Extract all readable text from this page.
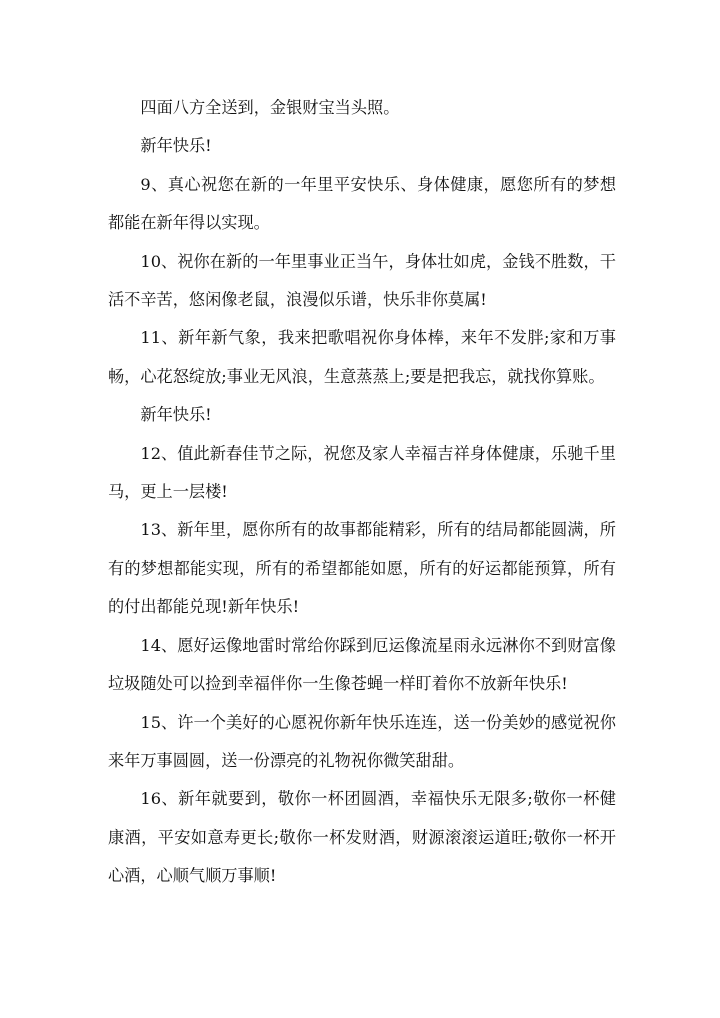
四面八方全送到，金银财宝当头照。

新年快乐!

9、真心祝您在新的一年里平安快乐、身体健康，愿您所有的梦想都能在新年得以实现。

10、祝你在新的一年里事业正当午，身体壮如虎，金钱不胜数，干活不辛苦，悠闲像老鼠，浪漫似乐谱，快乐非你莫属!

11、新年新气象，我来把歌唱祝你身体棒，来年不发胖;家和万事畅，心花怒绽放;事业无风浪，生意蒸蒸上;要是把我忘，就找你算账。

新年快乐!

12、值此新春佳节之际，祝您及家人幸福吉祥身体健康，乐驰千里马，更上一层楼!

13、新年里，愿你所有的故事都能精彩，所有的结局都能圆满，所有的梦想都能实现，所有的希望都能如愿，所有的好运都能预算，所有的付出都能兑现!新年快乐!

14、愿好运像地雷时常给你踩到厄运像流星雨永远淋你不到财富像垃圾随处可以捡到幸福伴你一生像苍蝇一样盯着你不放新年快乐!

15、许一个美好的心愿祝你新年快乐连连，送一份美妙的感觉祝你来年万事圆圆，送一份漂亮的礼物祝你微笑甜甜。

16、新年就要到，敬你一杯团圆酒，幸福快乐无限多;敬你一杯健康酒，平安如意寿更长;敬你一杯发财酒，财源滚滚运道旺;敬你一杯开心酒，心顺气顺万事顺!
